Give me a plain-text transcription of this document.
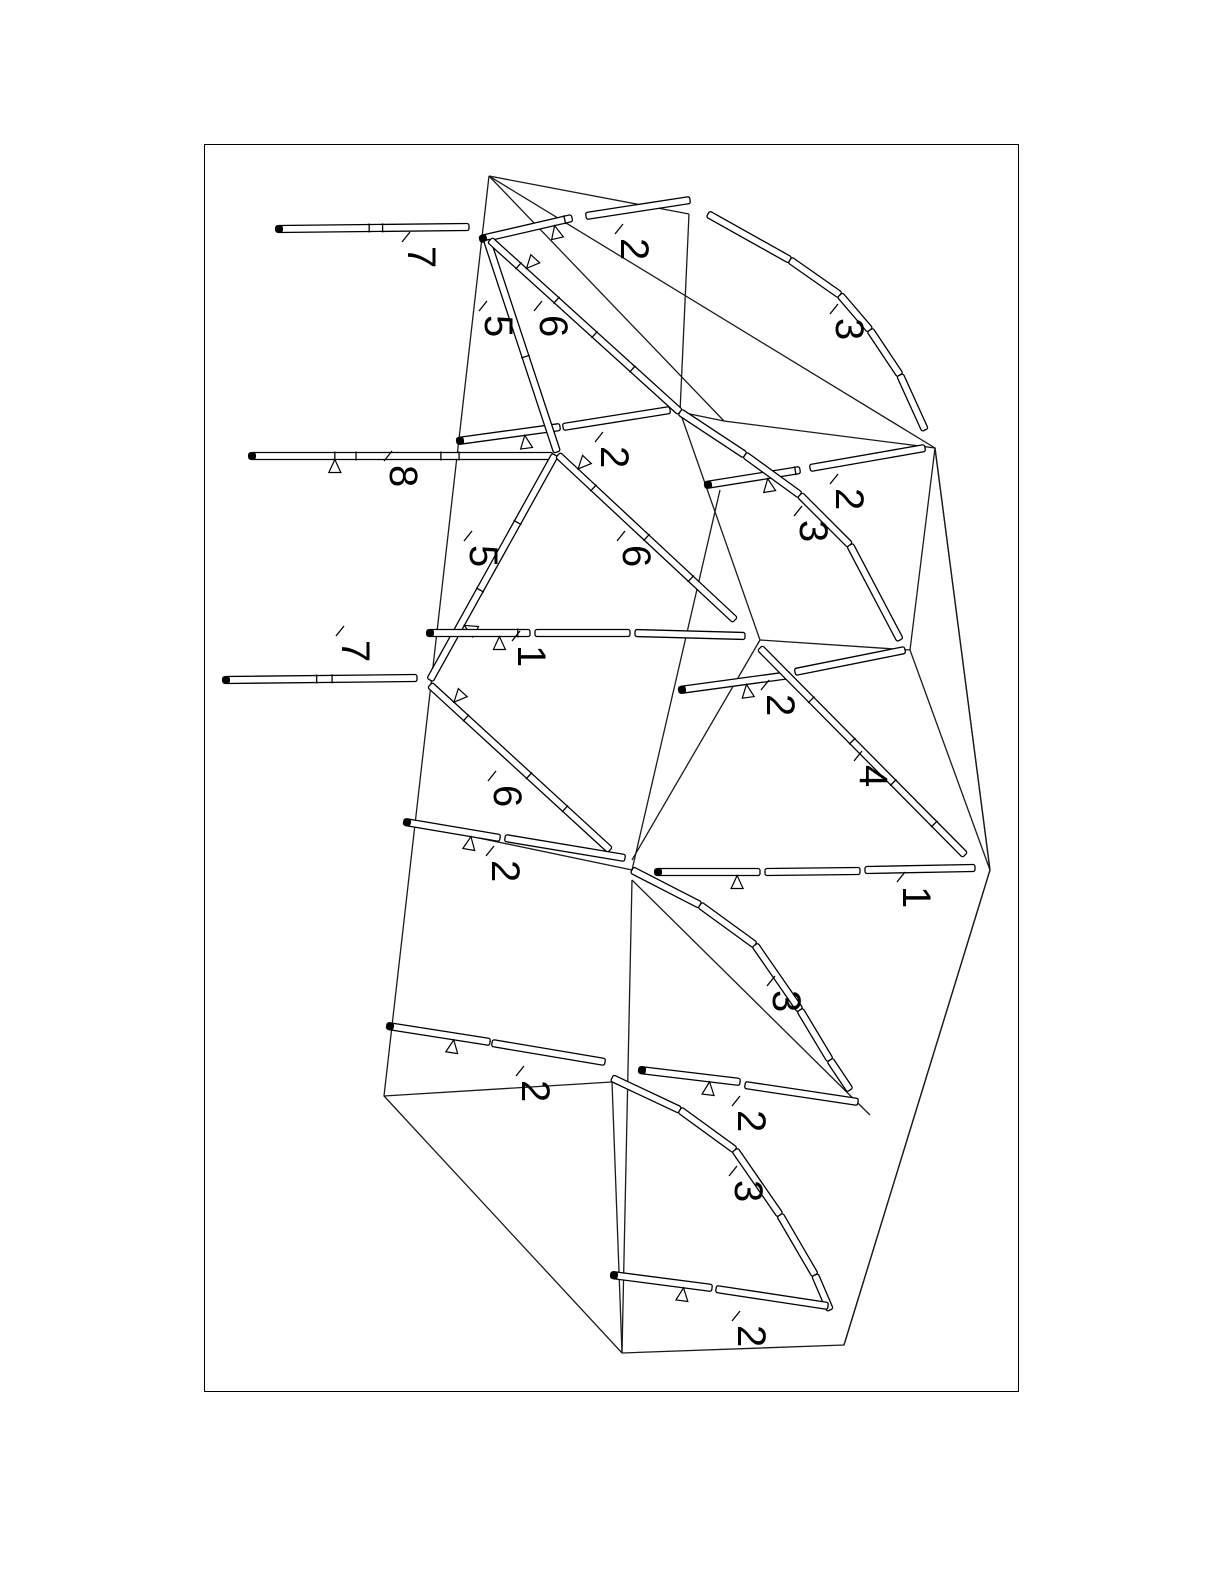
7	2
5 6	3
2
8
2
5	6
3
7	1
2
6
4
2
1
3
2
2
3
2
